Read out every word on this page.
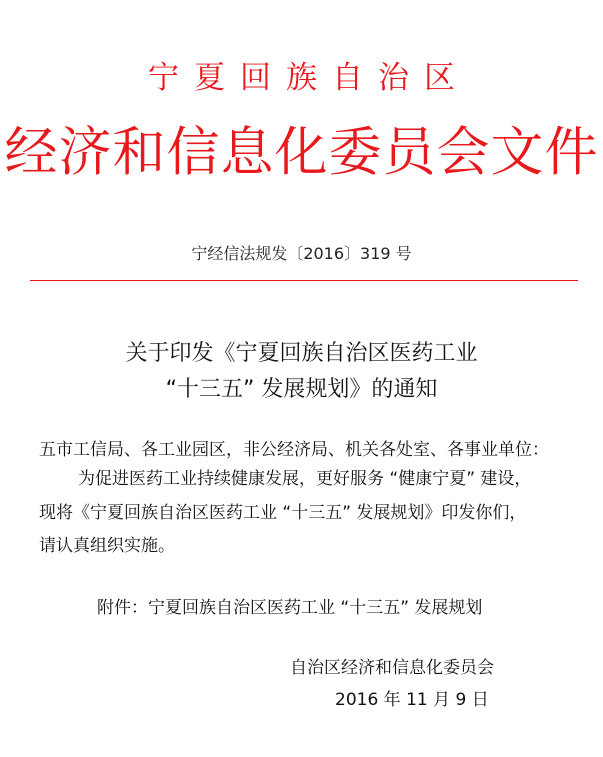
宁夏回族自治区
经济和信息化委员会文件
宁经信法规发〔2016〕319 号
关于印发《宁夏回族自治区医药工业
“十三五” 发展规划》的通知
五市工信局、各工业园区，非公经济局、机关各处室、各事业单位：
为促进医药工业持续健康发展，更好服务 “健康宁夏” 建设，
现将《宁夏回族自治区医药工业 “十三五” 发展规划》印发你们，
请认真组织实施。
附件：宁夏回族自治区医药工业 “十三五” 发展规划
自治区经济和信息化委员会
2016 年 11 月 9 日
